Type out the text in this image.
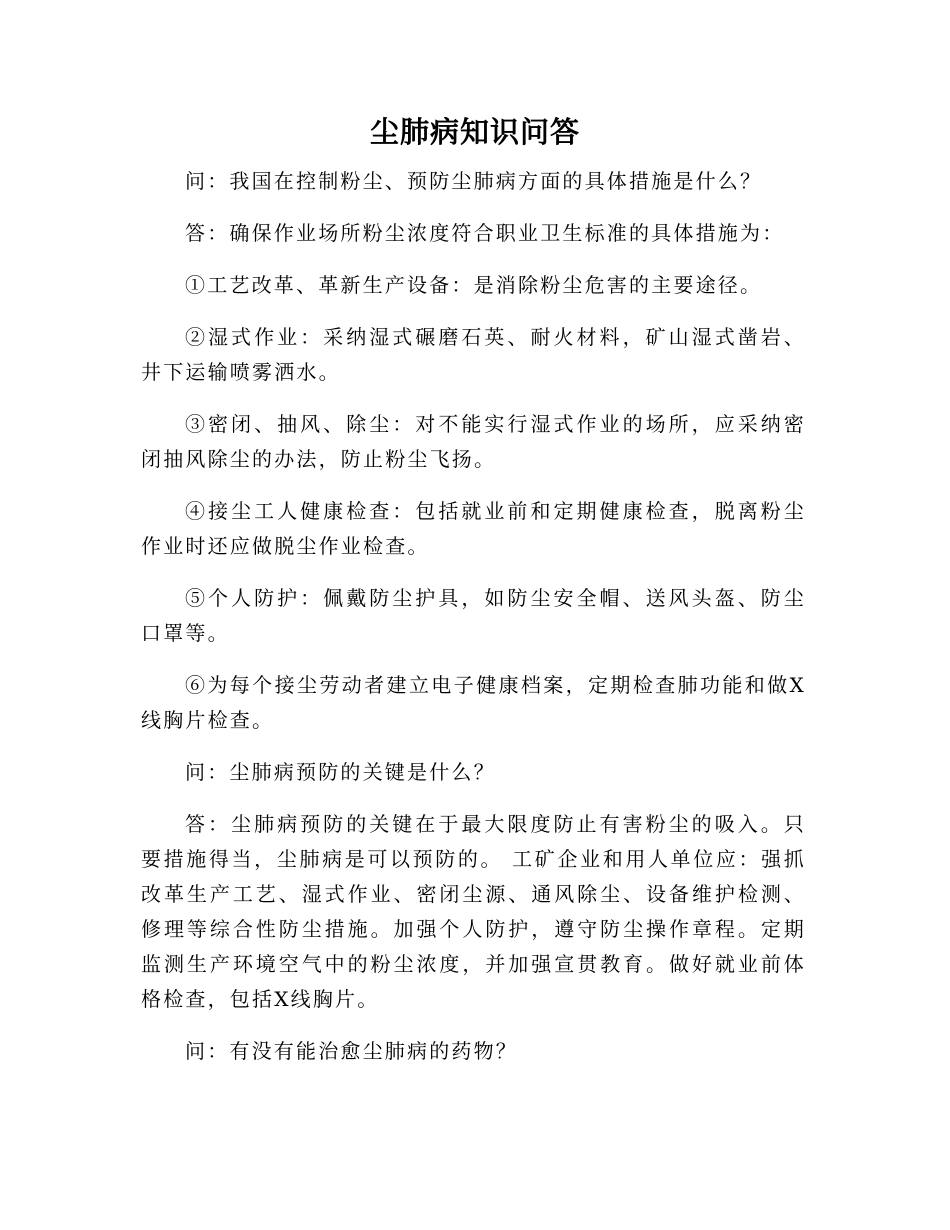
尘肺病知识问答

问：我国在控制粉尘、预防尘肺病方面的具体措施是什么？

答：确保作业场所粉尘浓度符合职业卫生标准的具体措施为：

①工艺改革、革新生产设备：是消除粉尘危害的主要途径。

②湿式作业：采纳湿式碾磨石英、耐火材料，矿山湿式凿岩、井下运输喷雾洒水。

③密闭、抽风、除尘：对不能实行湿式作业的场所，应采纳密闭抽风除尘的办法，防止粉尘飞扬。

④接尘工人健康检查：包括就业前和定期健康检查，脱离粉尘作业时还应做脱尘作业检查。

⑤个人防护：佩戴防尘护具，如防尘安全帽、送风头盔、防尘口罩等。

⑥为每个接尘劳动者建立电子健康档案，定期检查肺功能和做X线胸片检查。

问：尘肺病预防的关键是什么？

答：尘肺病预防的关键在于最大限度防止有害粉尘的吸入。只要措施得当，尘肺病是可以预防的。 工矿企业和用人单位应：强抓改革生产工艺、湿式作业、密闭尘源、通风除尘、设备维护检测、修理等综合性防尘措施。加强个人防护，遵守防尘操作章程。定期监测生产环境空气中的粉尘浓度，并加强宣贯教育。做好就业前体格检查，包括X线胸片。

问：有没有能治愈尘肺病的药物？
